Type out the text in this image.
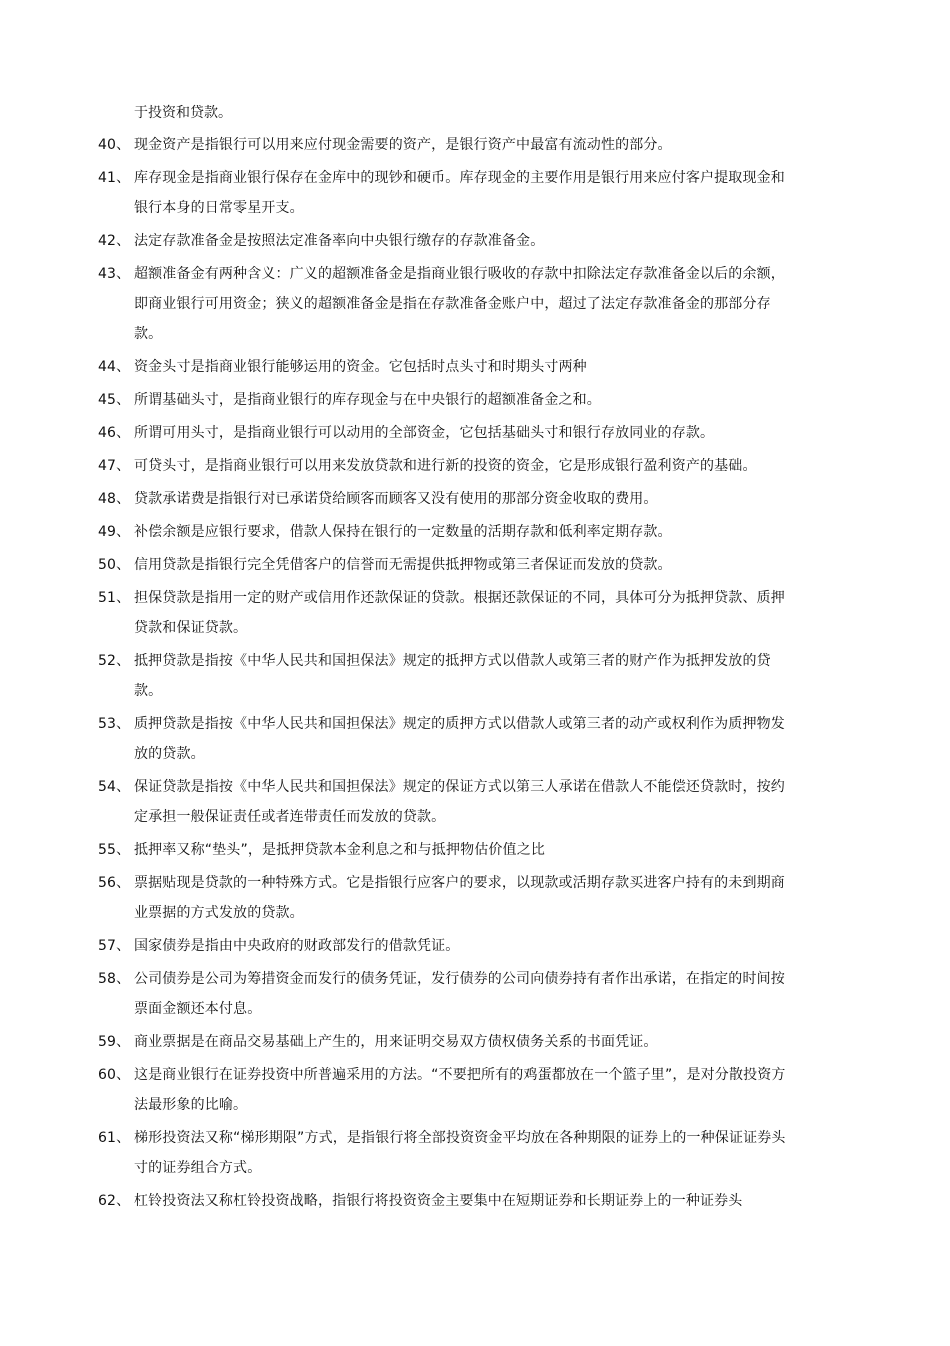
于投资和贷款。
40、 现金资产是指银行可以用来应付现金需要的资产，是银行资产中最富有流动性的部分。
41、 库存现金是指商业银行保存在金库中的现钞和硬币。库存现金的主要作用是银行用来应付客户提取现金和银行本身的日常零星开支。
42、 法定存款准备金是按照法定准备率向中央银行缴存的存款准备金。
43、 超额准备金有两种含义：广义的超额准备金是指商业银行吸收的存款中扣除法定存款准备金以后的余额，即商业银行可用资金；狭义的超额准备金是指在存款准备金账户中，超过了法定存款准备金的那部分存款。
44、 资金头寸是指商业银行能够运用的资金。它包括时点头寸和时期头寸两种
45、 所谓基础头寸，是指商业银行的库存现金与在中央银行的超额准备金之和。
46、 所谓可用头寸，是指商业银行可以动用的全部资金，它包括基础头寸和银行存放同业的存款。
47、 可贷头寸，是指商业银行可以用来发放贷款和进行新的投资的资金，它是形成银行盈利资产的基础。
48、 贷款承诺费是指银行对已承诺贷给顾客而顾客又没有使用的那部分资金收取的费用。
49、 补偿余额是应银行要求，借款人保持在银行的一定数量的活期存款和低利率定期存款。
50、 信用贷款是指银行完全凭借客户的信誉而无需提供抵押物或第三者保证而发放的贷款。
51、 担保贷款是指用一定的财产或信用作还款保证的贷款。根据还款保证的不同，具体可分为抵押贷款、质押贷款和保证贷款。
52、 抵押贷款是指按《中华人民共和国担保法》规定的抵押方式以借款人或第三者的财产作为抵押发放的贷款。
53、 质押贷款是指按《中华人民共和国担保法》规定的质押方式以借款人或第三者的动产或权利作为质押物发放的贷款。
54、 保证贷款是指按《中华人民共和国担保法》规定的保证方式以第三人承诺在借款人不能偿还贷款时，按约定承担一般保证责任或者连带责任而发放的贷款。
55、 抵押率又称“垫头”，是抵押贷款本金利息之和与抵押物估价值之比
56、 票据贴现是贷款的一种特殊方式。它是指银行应客户的要求，以现款或活期存款买进客户持有的未到期商业票据的方式发放的贷款。
57、 国家债券是指由中央政府的财政部发行的借款凭证。
58、 公司债券是公司为筹措资金而发行的债务凭证，发行债券的公司向债券持有者作出承诺，在指定的时间按票面金额还本付息。
59、 商业票据是在商品交易基础上产生的，用来证明交易双方债权债务关系的书面凭证。
60、 这是商业银行在证券投资中所普遍采用的方法。“不要把所有的鸡蛋都放在一个篮子里”，是对分散投资方法最形象的比喻。
61、 梯形投资法又称“梯形期限”方式，是指银行将全部投资资金平均放在各种期限的证券上的一种保证证券头寸的证券组合方式。
62、 杠铃投资法又称杠铃投资战略，指银行将投资资金主要集中在短期证券和长期证券上的一种证券头
